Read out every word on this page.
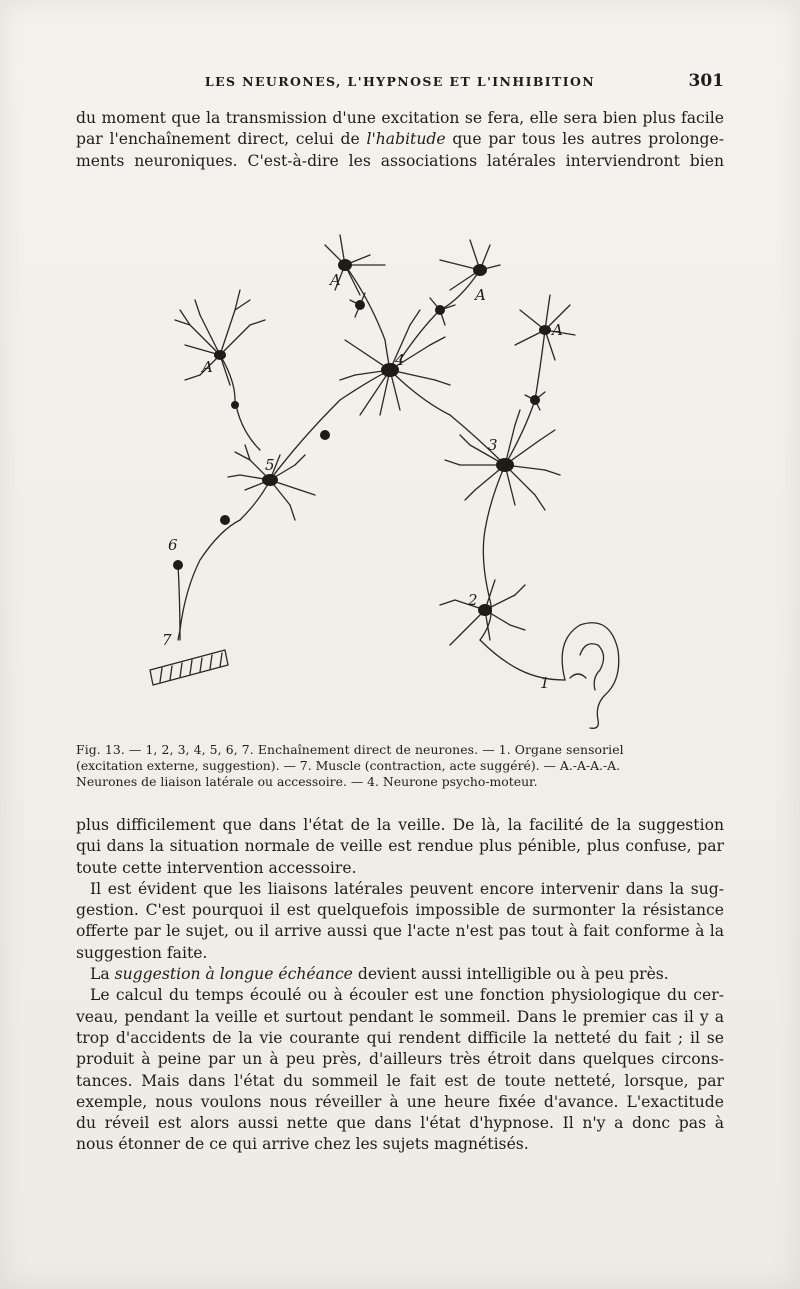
LES NEURONES, L'HYPNOSE ET L'INHIBITION	301

du moment que la transmission d'une excitation se fera, elle sera bien plus facile
par l'enchaînement direct, celui de l'habitude que par tous les autres prolonge-
ments neuroniques. C'est-à-dire les associations latérales interviendront bien

A
A
A
A
1
2
3
4
5
6
7

Fig. 13. — 1, 2, 3, 4, 5, 6, 7. Enchaînement direct de neurones. — 1. Organe sensoriel
(excitation externe, suggestion). — 7. Muscle (contraction, acte suggéré). — A.-A-A.-A.
Neurones de liaison latérale ou accessoire. — 4. Neurone psycho-moteur.

plus difficilement que dans l'état de la veille. De là, la facilité de la suggestion
qui dans la situation normale de veille est rendue plus pénible, plus confuse, par
toute cette intervention accessoire.
Il est évident que les liaisons latérales peuvent encore intervenir dans la sug-
gestion. C'est pourquoi il est quelquefois impossible de surmonter la résistance
offerte par le sujet, ou il arrive aussi que l'acte n'est pas tout à fait conforme à la
suggestion faite.
La suggestion à longue échéance devient aussi intelligible ou à peu près.
Le calcul du temps écoulé ou à écouler est une fonction physiologique du cer-
veau, pendant la veille et surtout pendant le sommeil. Dans le premier cas il y a
trop d'accidents de la vie courante qui rendent difficile la netteté du fait ; il se
produit à peine par un à peu près, d'ailleurs très étroit dans quelques circons-
tances. Mais dans l'état du sommeil le fait est de toute netteté, lorsque, par
exemple, nous voulons nous réveiller à une heure fixée d'avance. L'exactitude
du réveil est alors aussi nette que dans l'état d'hypnose. Il n'y a donc pas à
nous étonner de ce qui arrive chez les sujets magnétisés.
